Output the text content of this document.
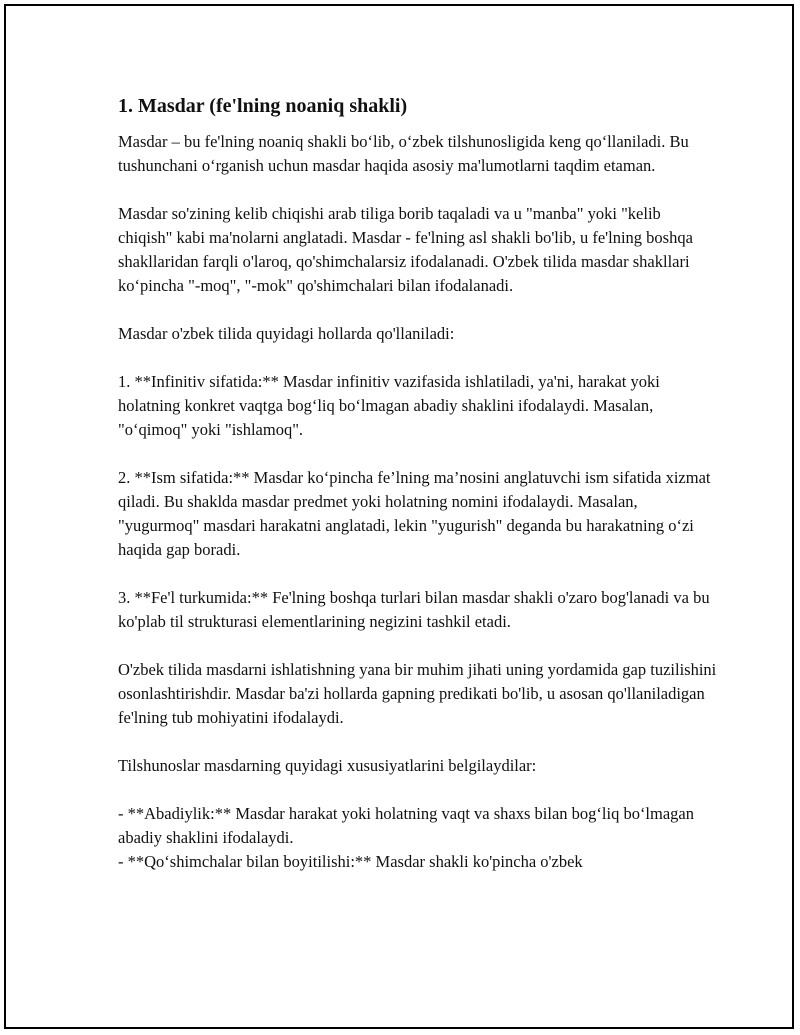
1. Masdar (fe'lning noaniq shakli)

Masdar – bu fe'lning noaniq shakli bo‘lib, o‘zbek tilshunosligida keng qo‘llaniladi. Bu tushunchani o‘rganish uchun masdar haqida asosiy ma'lumotlarni taqdim etaman.

Masdar so'zining kelib chiqishi arab tiliga borib taqaladi va u "manba" yoki "kelib chiqish" kabi ma'nolarni anglatadi. Masdar - fe'lning asl shakli bo'lib, u fe'lning boshqa shakllaridan farqli o'laroq, qo'shimchalarsiz ifodalanadi. O'zbek tilida masdar shakllari ko‘pincha "-moq", "-mok" qo'shimchalari bilan ifodalanadi.

Masdar o'zbek tilida quyidagi hollarda qo'llaniladi:

1. **Infinitiv sifatida:** Masdar infinitiv vazifasida ishlatiladi, ya'ni, harakat yoki holatning konkret vaqtga bog‘liq bo‘lmagan abadiy shaklini ifodalaydi. Masalan, "o‘qimoq" yoki "ishlamoq".

2. **Ism sifatida:** Masdar ko‘pincha fe’lning ma’nosini anglatuvchi ism sifatida xizmat qiladi. Bu shaklda masdar predmet yoki holatning nomini ifodalaydi. Masalan, "yugurmoq" masdari harakatni anglatadi, lekin "yugurish" deganda bu harakatning o‘zi haqida gap boradi.

3. **Fe'l turkumida:** Fe'lning boshqa turlari bilan masdar shakli o'zaro bog'lanadi va bu ko'plab til strukturasi elementlarining negizini tashkil etadi.

O'zbek tilida masdarni ishlatishning yana bir muhim jihati uning yordamida gap tuzilishini osonlashtirishdir. Masdar ba'zi hollarda gapning predikati bo'lib, u asosan qo'llaniladigan fe'lning tub mohiyatini ifodalaydi.

Tilshunoslar masdarning quyidagi xususiyatlarini belgilaydilar:

- **Abadiylik:** Masdar harakat yoki holatning vaqt va shaxs bilan bog‘liq bo‘lmagan abadiy shaklini ifodalaydi.

- **Qo‘shimchalar bilan boyitilishi:** Masdar shakli ko'pincha o'zbek
